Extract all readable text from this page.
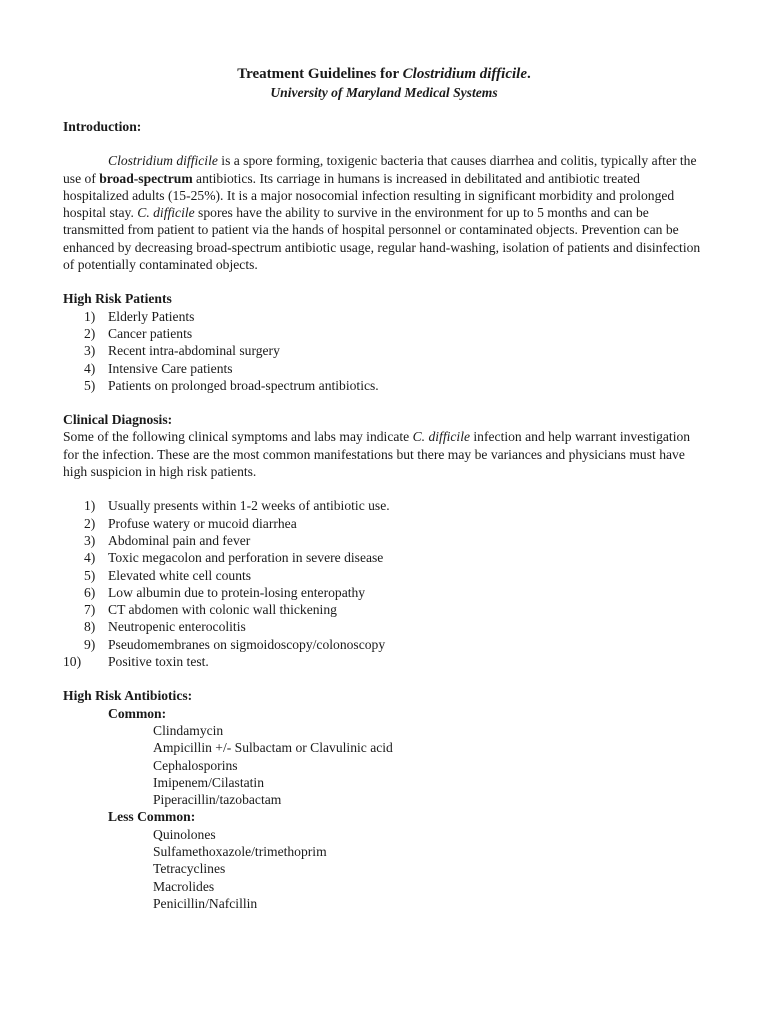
Treatment Guidelines for Clostridium difficile.
University of Maryland Medical Systems
Introduction:

Clostridium difficile is a spore forming, toxigenic bacteria that causes diarrhea and colitis, typically after the use of broad-spectrum antibiotics. Its carriage in humans is increased in debilitated and antibiotic treated hospitalized adults (15-25%). It is a major nosocomial infection resulting in significant morbidity and prolonged hospital stay. C. difficile spores have the ability to survive in the environment for up to 5 months and can be transmitted from patient to patient via the hands of hospital personnel or contaminated objects. Prevention can be enhanced by decreasing broad-spectrum antibiotic usage, regular hand-washing, isolation of patients and disinfection of potentially contaminated objects.

High Risk Patients
1) Elderly Patients
2) Cancer patients
3) Recent intra-abdominal surgery
4) Intensive Care patients
5) Patients on prolonged broad-spectrum antibiotics.
Clinical Diagnosis:

Some of the following clinical symptoms and labs may indicate C. difficile infection and help warrant investigation for the infection. These are the most common manifestations but there may be variances and physicians must have high suspicion in high risk patients.

1) Usually presents within 1-2 weeks of antibiotic use.
2) Profuse watery or mucoid diarrhea
3) Abdominal pain and fever
4) Toxic megacolon and perforation in severe disease
5) Elevated white cell counts
6) Low albumin due to protein-losing enteropathy
7) CT abdomen with colonic wall thickening
8) Neutropenic enterocolitis
9) Pseudomembranes on sigmoidoscopy/colonoscopy
10) Positive toxin test.
High Risk Antibiotics:
Common:
Clindamycin
Ampicillin +/- Sulbactam or Clavulinic acid
Cephalosporins
Imipenem/Cilastatin
Piperacillin/tazobactam
Less Common:
Quinolones
Sulfamethoxazole/trimethoprim
Tetracyclines
Macrolides
Penicillin/Nafcillin
